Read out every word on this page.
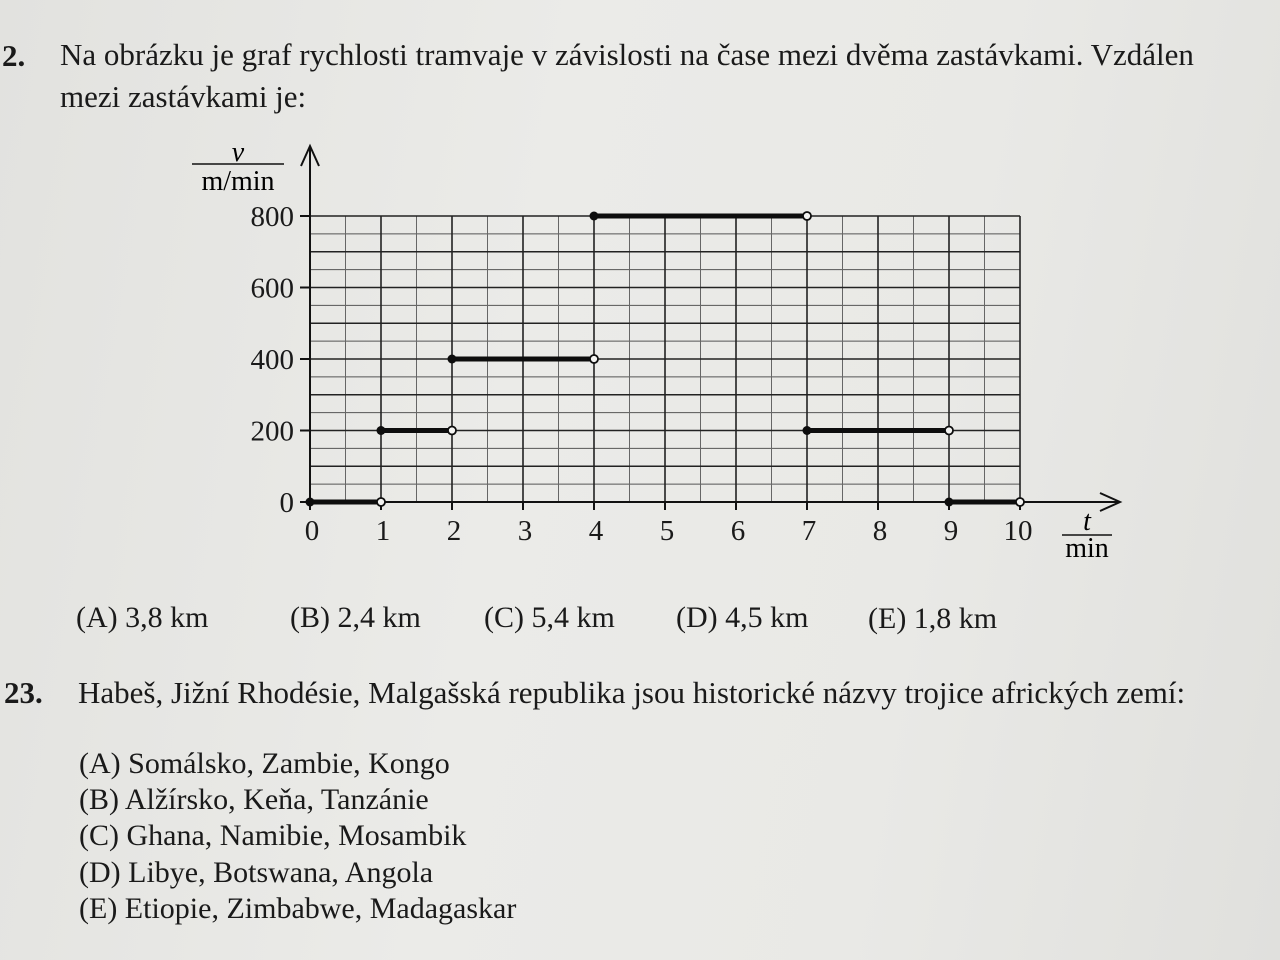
2. Na obrázku je graf rychlosti tramvaje v závislosti na čase mezi dvěma zastávkami. Vzdálen
mezi zastávkami je:
0
200
400
600
800
0 1 2 3 4 5 6 7 8 9 10
v
m/min
t
min
(A) 3,8 km	(B) 2,4 km (C) 5,4 km (D) 4,5 km (E) 1,8 km
23. Habeš, Jižní Rhodésie, Malgašská republika jsou historické názvy trojice afrických zemí:
(A) Somálsko, Zambie, Kongo
(B) Alžírsko, Keňa, Tanzánie
(C) Ghana, Namibie, Mosambik
(D) Libye, Botswana, Angola
(E) Etiopie, Zimbabwe, Madagaskar
